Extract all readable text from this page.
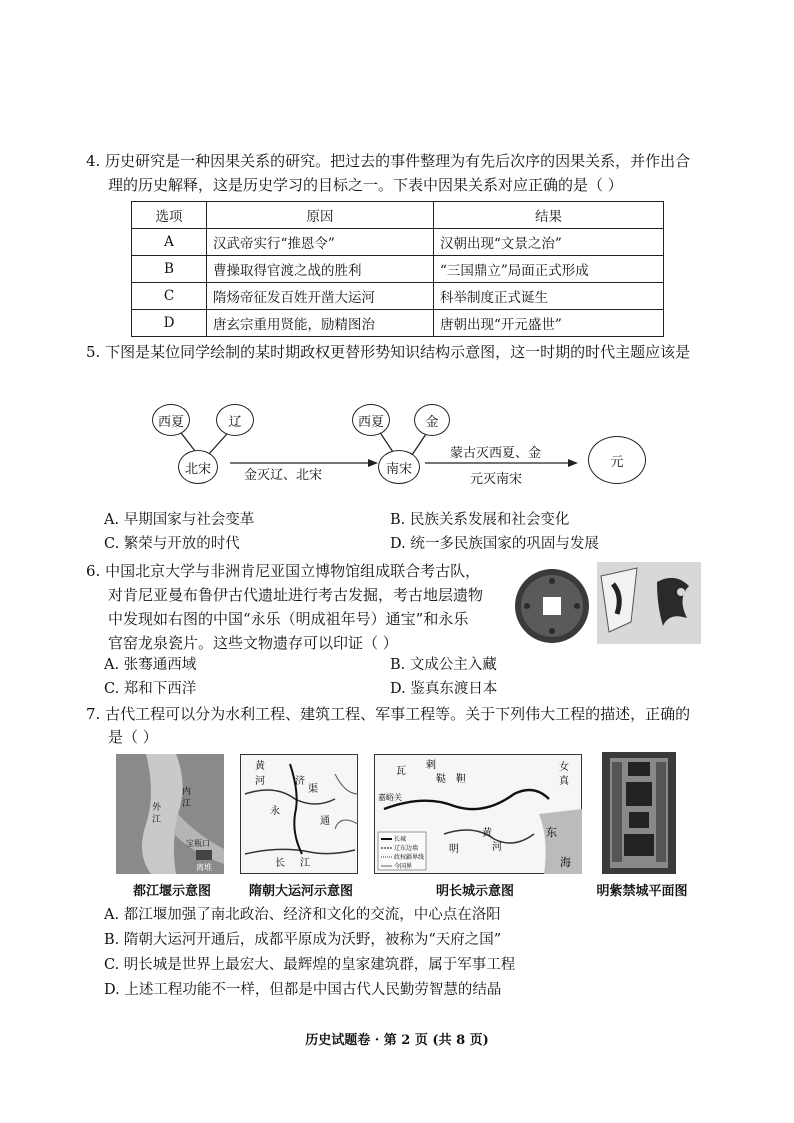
4. 历史研究是一种因果关系的研究。把过去的事件整理为有先后次序的因果关系，并作出合
理的历史解释，这是历史学习的目标之一。下表中因果关系对应正确的是（ ）
选项	原因	结果
A	汉武帝实行“推恩令”	汉朝出现“文景之治”
B	曹操取得官渡之战的胜利	“三国鼎立”局面正式形成
C	隋炀帝征发百姓开凿大运河	科举制度正式诞生
D	唐玄宗重用贤能，励精图治	唐朝出现“开元盛世”
5. 下图是某位同学绘制的某时期政权更替形势知识结构示意图，这一时期的时代主题应该是
西夏	辽
北宋	金灭辽、北宋
西夏	金
南宋
蒙古灭西夏、金
元灭南宋
元
A. 早期国家与社会变革	B. 民族关系发展和社会变化
C. 繁荣与开放的时代	D. 统一多民族国家的巩固与发展
6. 中国北京大学与非洲肯尼亚国立博物馆组成联合考古队，
对肯尼亚曼布鲁伊古代遗址进行考古发掘，考古地层遗物
中发现如右图的中国“永乐（明成祖年号）通宝”和永乐
官窑龙泉瓷片。这些文物遗存可以印证（ ）
A. 张骞通西域	B. 文成公主入藏
C. 郑和下西洋	D. 鉴真东渡日本
7. 古代工程可以分为水利工程、建筑工程、军事工程等。关于下列伟大工程的描述，正确的
是（ ）
内
江
外
江
宝瓶口
离堆
黄
河	济
渠
永
通
长 江
瓦
剌
鞑 靼
女
真
嘉峪关
明
黄
河
东
海
长城
辽东边墙
政权疆界线
今国界
都江堰示意图	隋朝大运河示意图	明长城示意图	明紫禁城平面图
A. 都江堰加强了南北政治、经济和文化的交流，中心点在洛阳
B. 隋朝大运河开通后，成都平原成为沃野，被称为“天府之国”
C. 明长城是世界上最宏大、最辉煌的皇家建筑群，属于军事工程
D. 上述工程功能不一样，但都是中国古代人民勤劳智慧的结晶
历史试题卷 · 第 2 页 (共 8 页)
